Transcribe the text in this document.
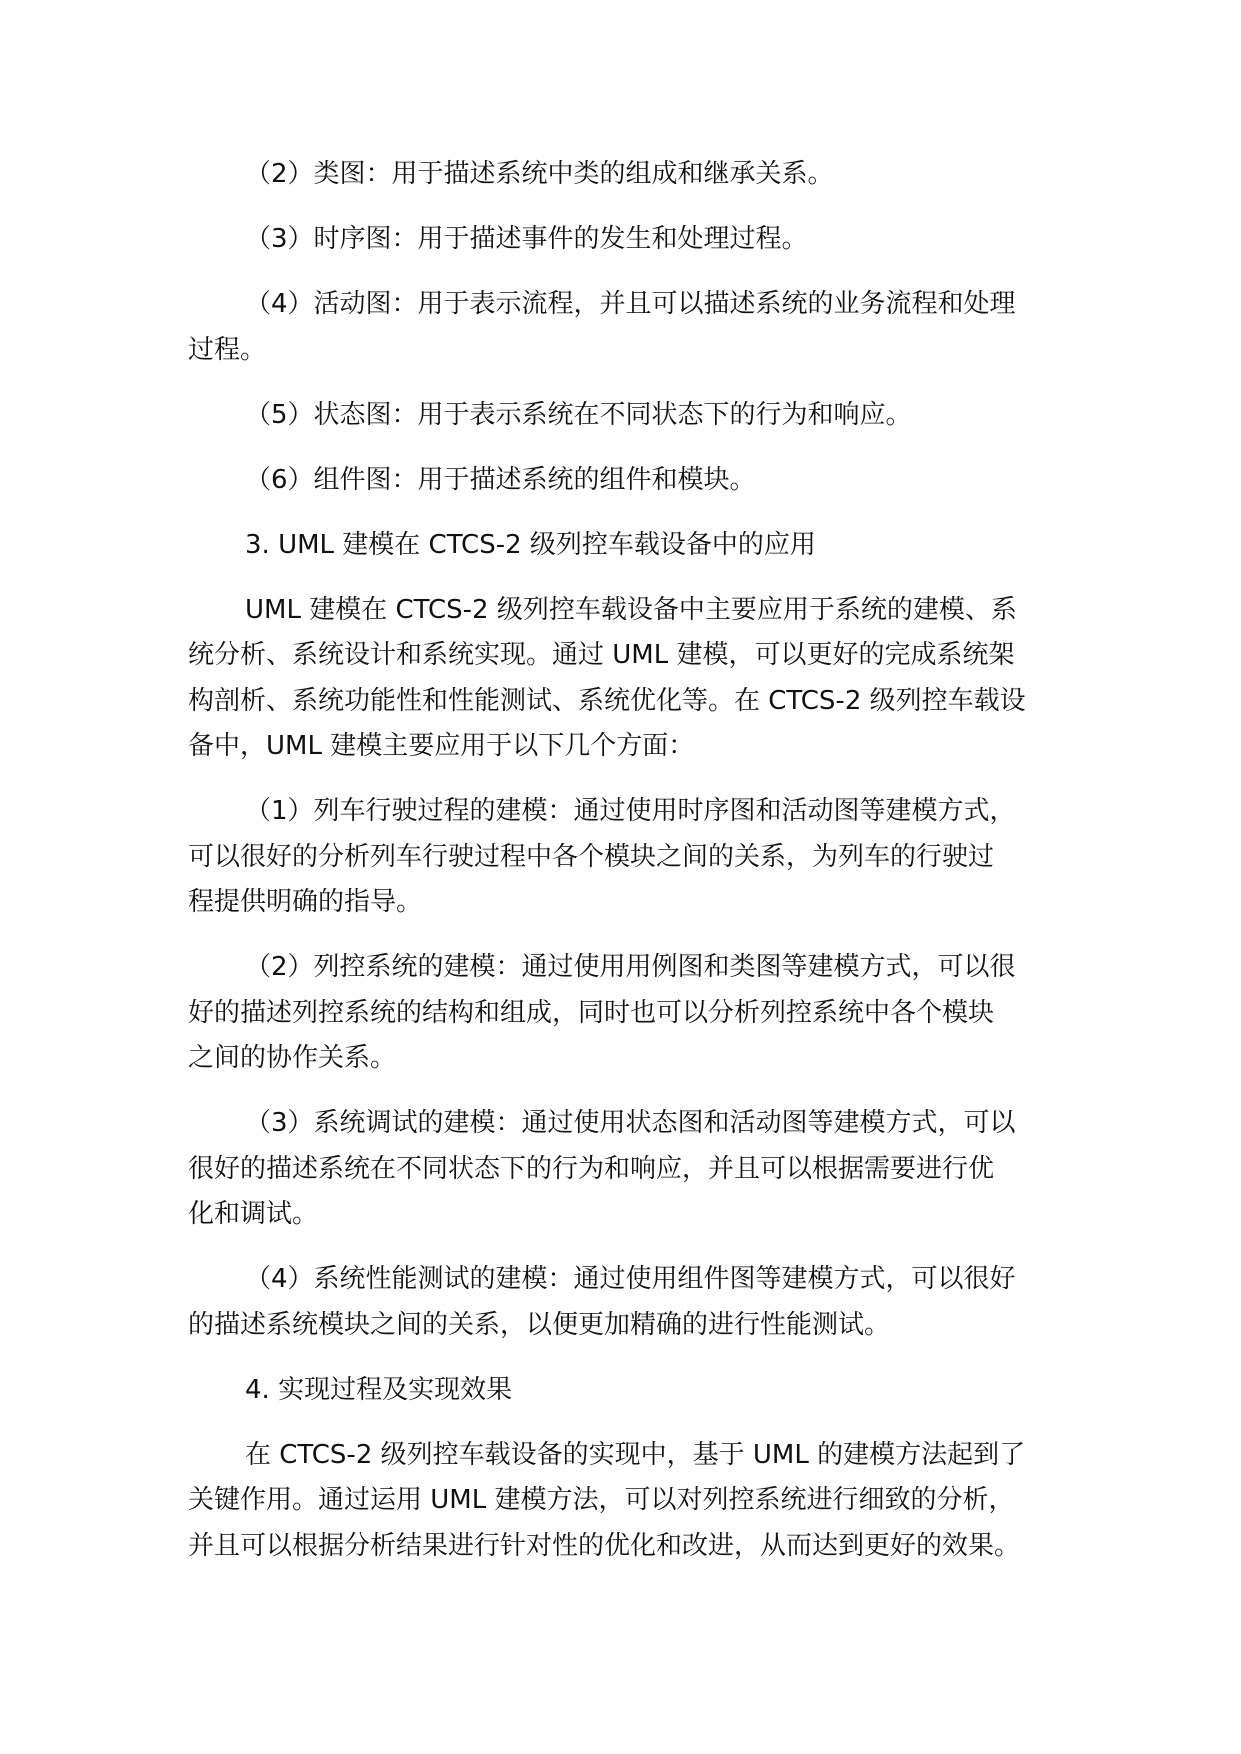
（2）类图：用于描述系统中类的组成和继承关系。
（3）时序图：用于描述事件的发生和处理过程。
（4）活动图：用于表示流程，并且可以描述系统的业务流程和处理
过程。
（5）状态图：用于表示系统在不同状态下的行为和响应。
（6）组件图：用于描述系统的组件和模块。
3. UML 建模在 CTCS-2 级列控车载设备中的应用
UML 建模在 CTCS-2 级列控车载设备中主要应用于系统的建模、系
统分析、系统设计和系统实现。通过 UML 建模，可以更好的完成系统架
构剖析、系统功能性和性能测试、系统优化等。在 CTCS-2 级列控车载设
备中，UML 建模主要应用于以下几个方面：
（1）列车行驶过程的建模：通过使用时序图和活动图等建模方式，
可以很好的分析列车行驶过程中各个模块之间的关系，为列车的行驶过
程提供明确的指导。
（2）列控系统的建模：通过使用用例图和类图等建模方式，可以很
好的描述列控系统的结构和组成，同时也可以分析列控系统中各个模块
之间的协作关系。
（3）系统调试的建模：通过使用状态图和活动图等建模方式，可以
很好的描述系统在不同状态下的行为和响应，并且可以根据需要进行优
化和调试。
（4）系统性能测试的建模：通过使用组件图等建模方式，可以很好
的描述系统模块之间的关系，以便更加精确的进行性能测试。
4. 实现过程及实现效果
在 CTCS-2 级列控车载设备的实现中，基于 UML 的建模方法起到了
关键作用。通过运用 UML 建模方法，可以对列控系统进行细致的分析，
并且可以根据分析结果进行针对性的优化和改进，从而达到更好的效果。
